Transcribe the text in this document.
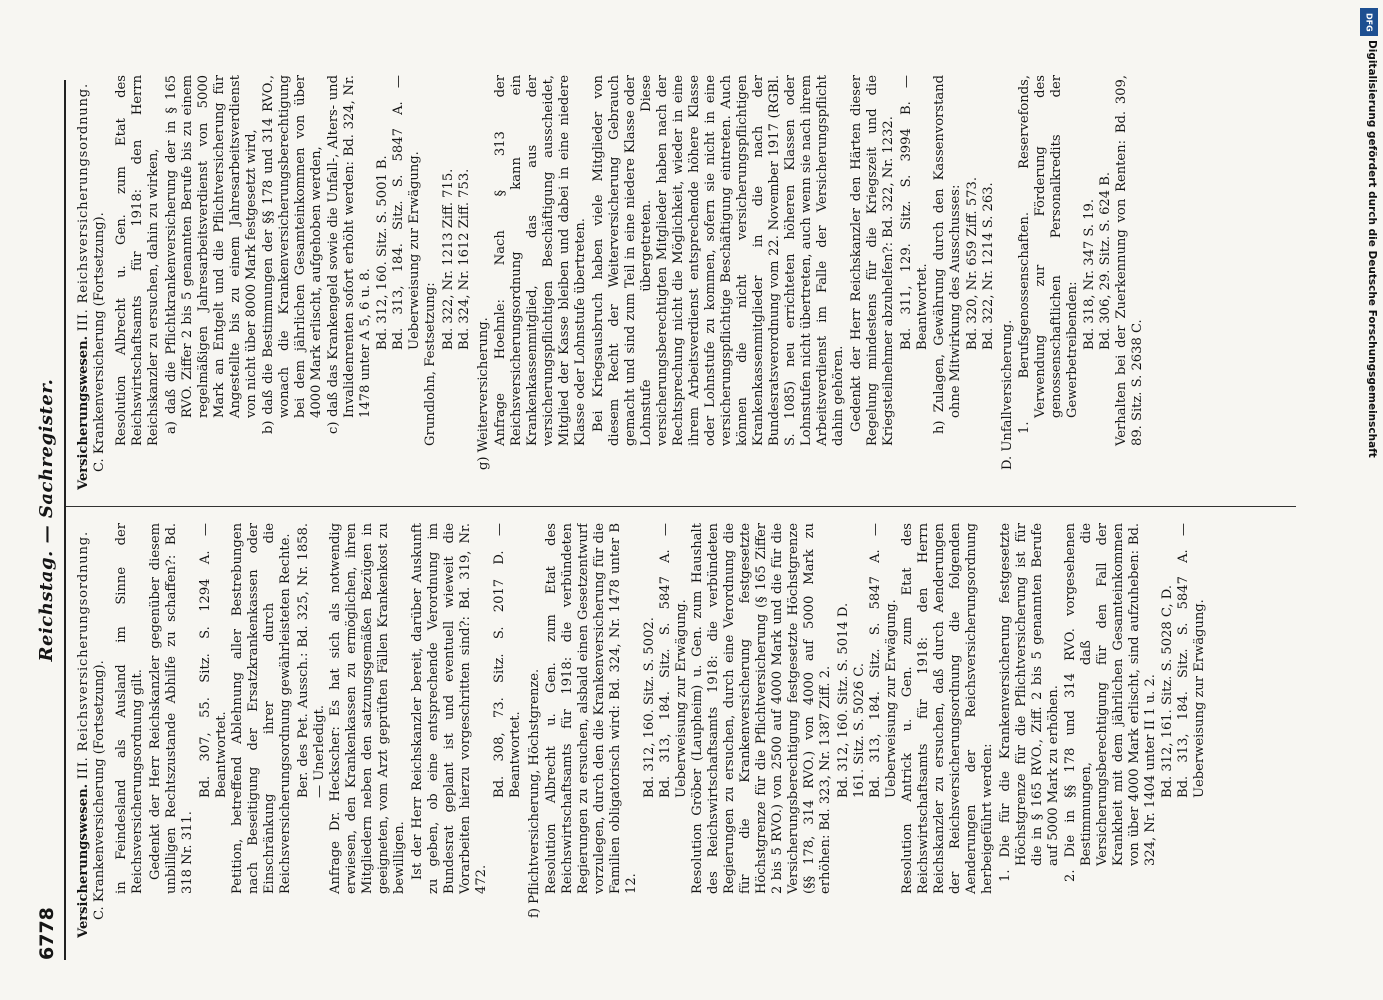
6778
Reichstag. — Sachregister.
Versicherungswesen. III. Reichsversicherungsordnung.
C. Krankenversicherung (Fortsetzung). in Feindesland als Ausland im Sinne der Reichsversicherungsordnung gilt. Gedenkt der Herr Reichskanzler gegenüber diesem unbilligen Rechtszustande Abhilfe zu schaffen?: Bd. 318 Nr. 311.
Bd. 307, 55. Sitz. S. 1294 A. — Beantwortet. Petition, betreffend Ablehnung aller Bestrebungen nach Beseitigung der Ersatzkrankenkassen oder Einschränkung ihrer durch die Reichsversicherungsordnung gewährleisteten Rechte. Ber. des Pet. Aussch.: Bd. 325, Nr. 1858. — Unerledigt. Anfrage Dr. Heckscher: Es hat sich als notwendig erwiesen, den Krankenkassen zu ermöglichen, ihren Mitgliedern neben den satzungsgemäßen Bezügen in geeigneten, vom Arzt geprüften Fällen Krankenkost zu bewilligen. Ist der Herr Reichskanzler bereit, darüber Auskunft zu geben, ob eine entsprechende Verordnung im Bundesrat geplant ist und eventuell wieweit die Vorarbeiten hierzu vorgeschritten sind?: Bd. 319, Nr. 472.
Bd. 308, 73. Sitz. S. 2017 D. — Beantwortet. f) Pflichtversicherung, Höchstgrenze. Resolution Albrecht u. Gen. zum Etat des Reichswirtschaftsamts für 1918: die verbündeten Regierungen zu ersuchen, alsbald einen Gesetzentwurf vorzulegen, durch den die Krankenversicherung für die Familien obligatorisch wird: Bd. 324, Nr. 1478 unter B 12.
Bd. 312, 160. Sitz. S. 5002. Bd. 313, 184. Sitz. S. 5847 A. — Ueberweisung zur Erwägung. Resolution Gröber (Laupheim) u. Gen. zum Haushalt des Reichswirtschaftsamts 1918: die verbündeten Regierungen zu ersuchen, durch eine Verordnung die für die Krankenversicherung festgesetzte Höchstgrenze für die Pflichtversicherung (§ 165 Ziffer 2 bis 5 RVO.) von 2500 auf 4000 Mark und die für die Versicherungsberechtigung festgesetzte Höchstgrenze (§§ 178, 314 RVO.) von 4000 auf 5000 Mark zu erhöhen: Bd. 323, Nr. 1387 Ziff. 2. Bd. 312, 160. Sitz. S. 5014 D. 161. Sitz. S. 5026 C. Bd. 313, 184. Sitz. S. 5847 A. — Ueberweisung zur Erwägung. Resolution Antrick u. Gen. zum Etat des Reichswirtschaftsamts für 1918: den Herrn Reichskanzler zu ersuchen, daß durch Aenderungen der Reichsversicherungsordnung die folgenden Aenderungen der Reichsversicherungsordnung herbeigeführt werden: 1. Die für die Krankenversicherung festgesetzte Höchstgrenze für die Pflichtversicherung ist für die in § 165 RVO., Ziff. 2 bis 5 genannten Berufe auf 5000 Mark zu erhöhen. 2. Die in §§ 178 und 314 RVO. vorgesehenen Bestimmungen, daß die Versicherungsberechtigung für den Fall der Krankheit mit dem jährlichen Gesamteinkommen von über 4000 Mark erlischt, sind aufzuheben: Bd. 324, Nr. 1404 unter II 1 u. 2. Bd. 312, 161. Sitz. S. 5028 C, D. Bd. 313, 184. Sitz. S. 5847 A. — Ueberweisung zur Erwägung.
Versicherungswesen. III. Reichsversicherungsordnung.
C. Krankenversicherung (Fortsetzung). Resolution Albrecht u. Gen. zum Etat des Reichswirtschaftsamts für 1918: den Herrn Reichskanzler zu ersuchen, dahin zu wirken, a) daß die Pflichtkrankenversicherung der in § 165 RVO. Ziffer 2 bis 5 genannten Berufe bis zu einem regelmäßigen Jahresarbeitsverdienst von 5000 Mark an Entgelt und die Pflichtversicherung für Angestellte bis zu einem Jahresarbeitsverdienst von nicht über 8000 Mark festgesetzt wird, b) daß die Bestimmungen der §§ 178 und 314 RVO., wonach die Krankenversicherungsberechtigung bei dem jährlichen Gesamteinkommen von über 4000 Mark erlischt, aufgehoben werden, c) daß das Krankengeld sowie die Unfall-, Alters- und Invalidenrenten sofort erhöht werden: Bd. 324, Nr. 1478 unter A 5, 6 u. 8. Bd. 312, 160. Sitz. S. 5001 B. Bd. 313, 184. Sitz. S. 5847 A. — Ueberweisung zur Erwägung.
Grundlohn, Festsetzung:
Bd. 322, Nr. 1213 Ziff. 715. Bd. 324, Nr. 1612 Ziff. 753.
g) Weiterversicherung. Anfrage Hoehnle: Nach § 313 der Reichsversicherungsordnung kann ein Krankenkassenmitglied, das aus der versicherungspflichtigen Beschäftigung ausscheidet, Mitglied der Kasse bleiben und dabei in eine niedere Klasse oder Lohnstufe übertreten. Bei Kriegsausbruch haben viele Mitglieder von diesem Recht der Weiterversicherung Gebrauch gemacht und sind zum Teil in eine niedere Klasse oder Lohnstufe übergetreten. Diese versicherungsberechtigten Mitglieder haben nach der Rechtsprechung nicht die Möglichkeit, wieder in eine ihrem Arbeitsverdienst entsprechende höhere Klasse oder Lohnstufe zu kommen, sofern sie nicht in eine versicherungspflichtige Beschäftigung eintreten. Auch können die nicht versicherungspflichtigen Krankenkassenmitglieder in die nach der Bundesratsverordnung vom 22. November 1917 (RGBl. S. 1085) neu errichteten höheren Klassen oder Lohnstufen nicht übertreten, auch wenn sie nach ihrem Arbeitsverdienst im Falle der Versicherungspflicht dahin gehören. Gedenkt der Herr Reichskanzler den Härten dieser Regelung mindestens für die Kriegszeit und die Kriegsteilnehmer abzuhelfen?: Bd. 322, Nr. 1232. Bd. 311, 129. Sitz. S. 3994 B. — Beantwortet. h) Zulagen, Gewährung durch den Kassenvorstand ohne Mitwirkung des Ausschusses: Bd. 320, Nr. 659 Ziff. 573. Bd. 322, Nr. 1214 S. 263.
D. Unfallversicherung. 1. Berufsgenossenschaften. Reservefonds, Verwendung zur Förderung des genossenschaftlichen Personalkredits der Gewerbetreibenden: Bd. 318, Nr. 347 S. 19. Bd. 306, 29. Sitz. S. 624 B. Verhalten bei der Zuerkennung von Renten: Bd. 309, 89. Sitz. S. 2638 C.
DFG
Digitalisierung gefördert durch die Deutsche Forschungsgemeinschaft
